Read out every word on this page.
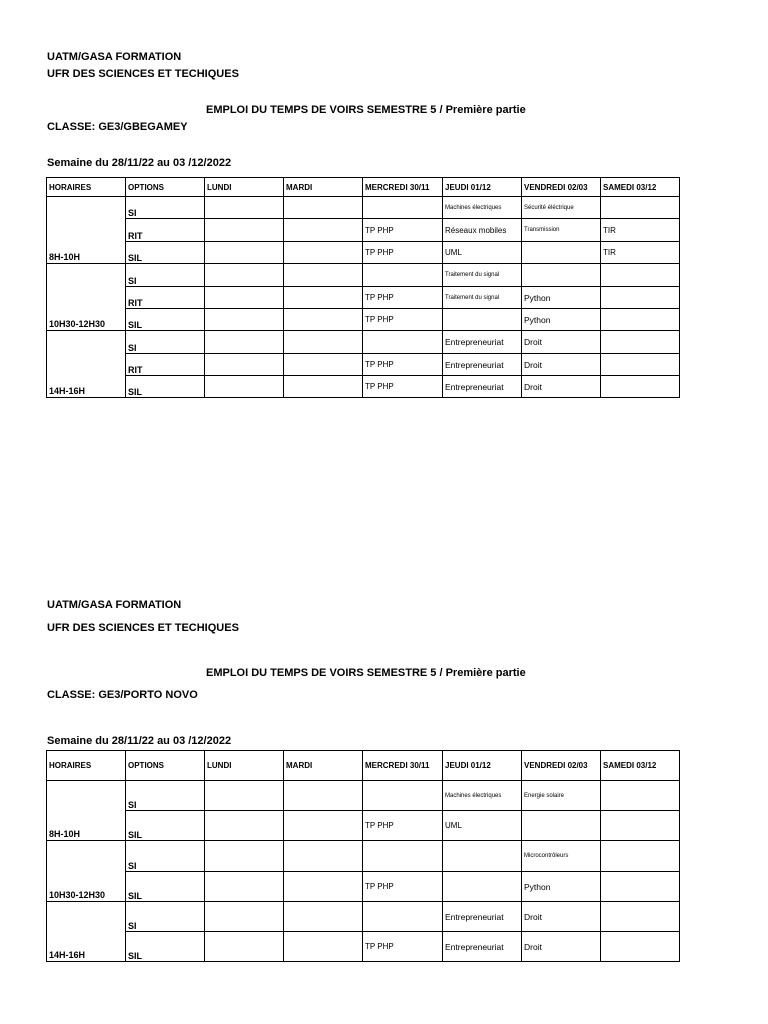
UATM/GASA FORMATION
UFR DES SCIENCES ET TECHIQUES
EMPLOI DU TEMPS DE VOIRS SEMESTRE 5 / Première partie
CLASSE: GE3/GBEGAMEY
Semaine du 28/11/22 au 03 /12/2022
HORAIRES	OPTIONS	LUNDI	MARDI	MERCREDI 30/11	JEUDI 01/12	VENDREDI 02/03	SAMEDI 03/12
8H-10H	SI				Machines électriques	Sécurité éléctrique	
	RIT			TP PHP	Réseaux mobiles	Transmission	TIR
	SIL			TP PHP	UML		TIR
10H30-12H30	SI				Traitement du signal		
	RIT			TP PHP	Traitement du signal	Python	
	SIL			TP PHP		Python	
14H-16H	SI				Entrepreneuriat	Droit	
	RIT			TP PHP	Entrepreneuriat	Droit	
	SIL			TP PHP	Entrepreneuriat	Droit	
UATM/GASA FORMATION
UFR DES SCIENCES ET TECHIQUES
EMPLOI DU TEMPS DE VOIRS SEMESTRE 5 / Première partie
CLASSE: GE3/PORTO NOVO
Semaine du 28/11/22 au 03 /12/2022
HORAIRES	OPTIONS	LUNDI	MARDI	MERCREDI 30/11	JEUDI 01/12	VENDREDI 02/03	SAMEDI 03/12
8H-10H	SI				Machines électriques	Energie solaire	
	SIL			TP PHP	UML		
10H30-12H30	SI					Microcontrôleurs	
	SIL			TP PHP		Python	
14H-16H	SI				Entrepreneuriat	Droit	
	SIL			TP PHP	Entrepreneuriat	Droit	
